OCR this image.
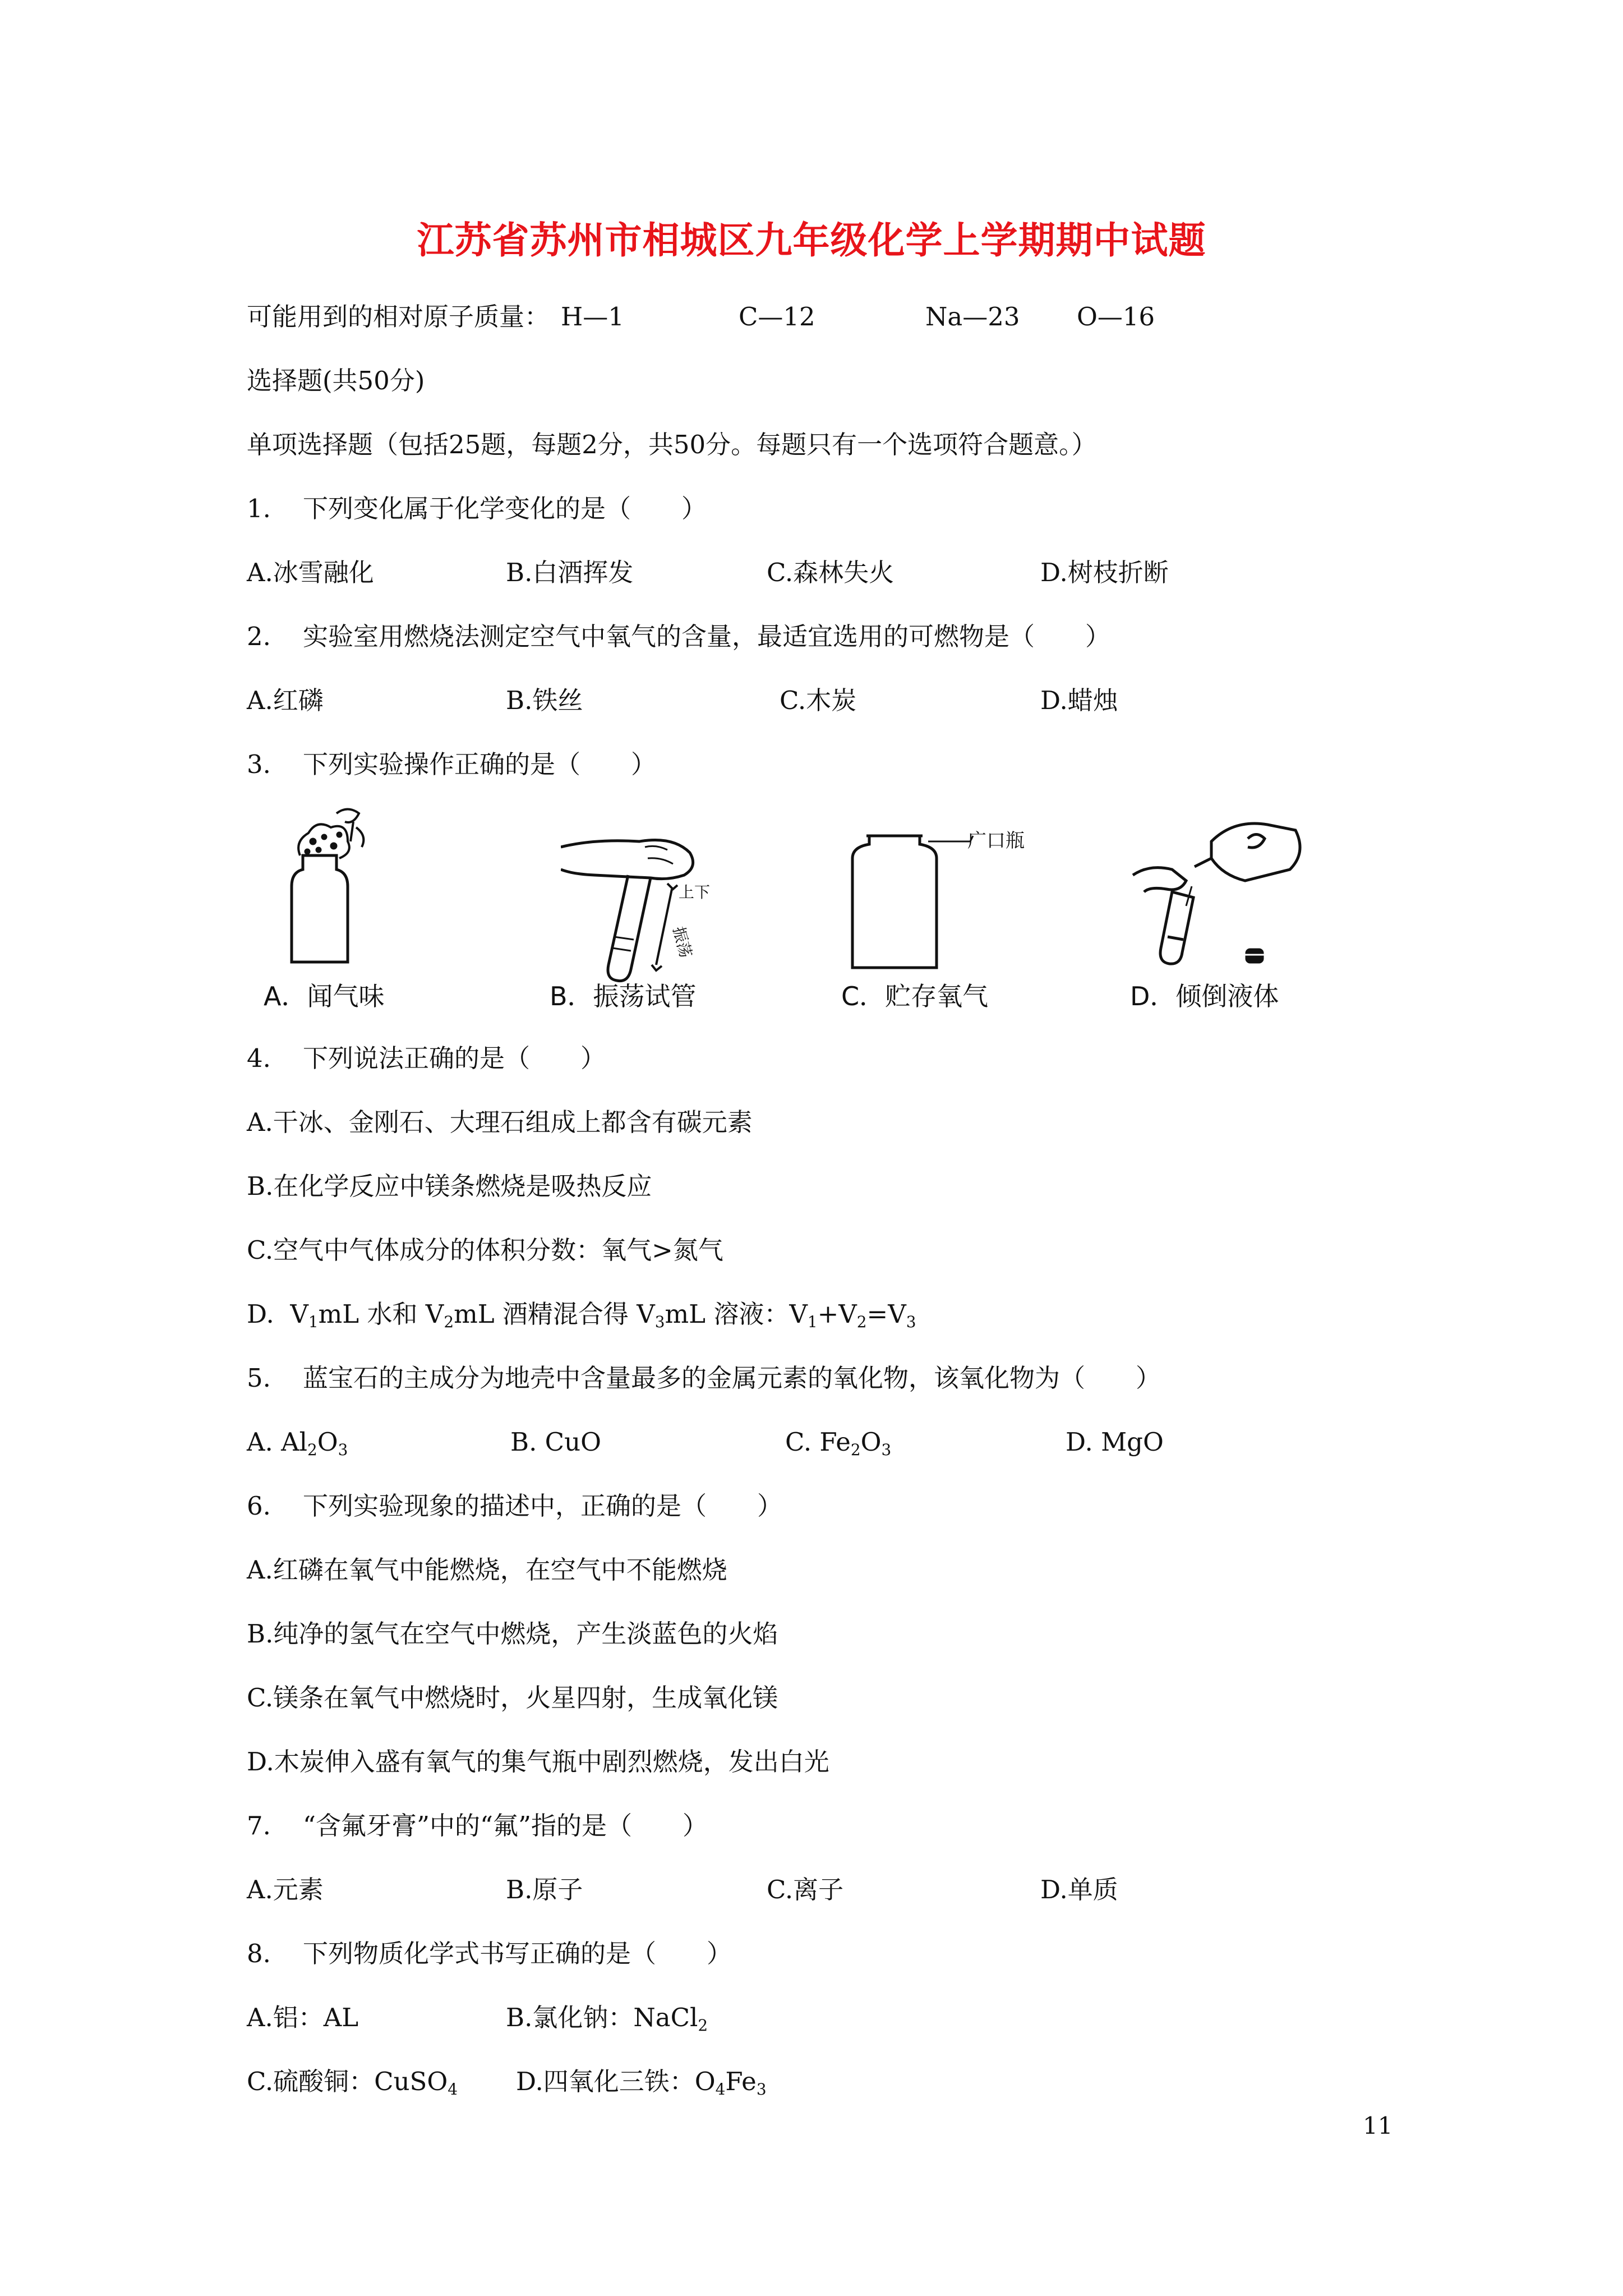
江苏省苏州市相城区九年级化学上学期期中试题
可能用到的相对原子质量： H—1	C—12	Na—23 O—16
选择题(共50分)
单项选择题（包括25题，每题2分，共50分。每题只有一个选项符合题意。）
1. 下列变化属于化学变化的是（　　）
A.冰雪融化	B.白酒挥发	C.森林失火	D.树枝折断
2. 实验室用燃烧法测定空气中氧气的含量，最适宜选用的可燃物是（　　）
A.红磷	B.铁丝	C.木炭	D.蜡烛
3. 下列实验操作正确的是（　　）
A．闻气味
上下
振荡
B．振荡试管
广口瓶
C．贮存氧气	D．倾倒液体
4. 下列说法正确的是（　　）
A.干冰、金刚石、大理石组成上都含有碳元素
B.在化学反应中镁条燃烧是吸热反应
C.空气中气体成分的体积分数：氧气>氮气
D. $V_1mL$ 水和 $V_2mL$ 酒精混合得 $V_3mL$ 溶液：$V_1+V_2=V_3$
5. 蓝宝石的主成分为地壳中含量最多的金属元素的氧化物，该氧化物为（　　）
A. $Al_2O_3$	B. CuO	C. $Fe_2O_3$	D. MgO
6. 下列实验现象的描述中，正确的是（　　）
A.红磷在氧气中能燃烧，在空气中不能燃烧
B.纯净的氢气在空气中燃烧，产生淡蓝色的火焰
C.镁条在氧气中燃烧时，火星四射，生成氧化镁
D.木炭伸入盛有氧气的集气瓶中剧烈燃烧，发出白光
7. “含氟牙膏”中的“氟”指的是（　　）
A.元素	B.原子	C.离子	D.单质
8. 下列物质化学式书写正确的是（　　）
A.铝：AL	B.氯化钠：NaCl$_2$
C.硫酸铜：CuSO$_4$ D.四氧化三铁：$O_4Fe_3$
11
